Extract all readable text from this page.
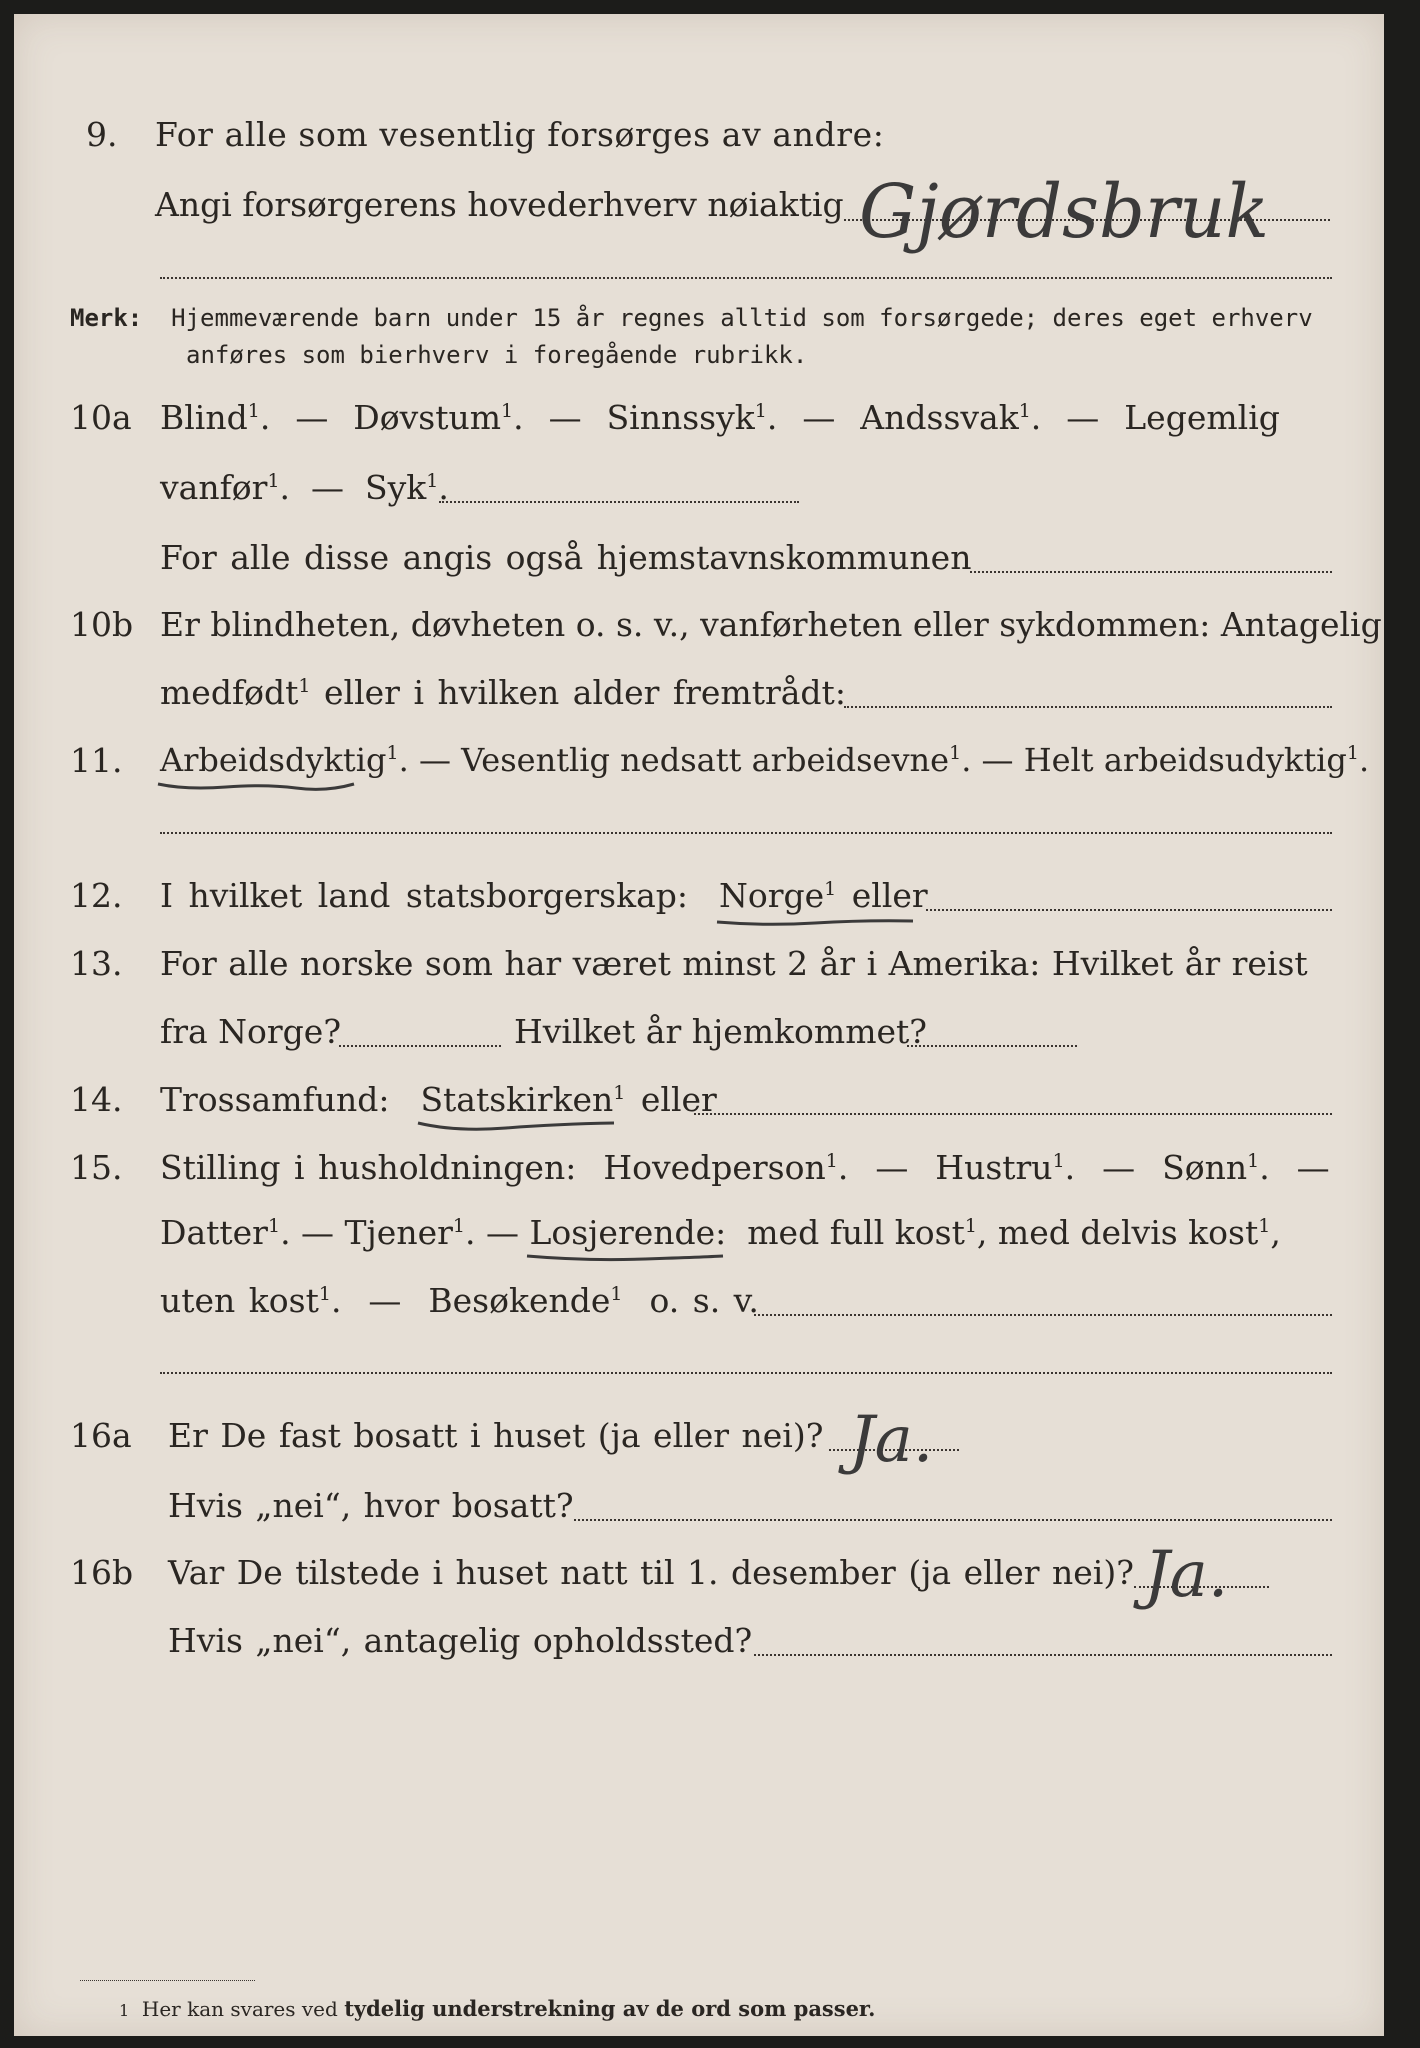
9. For alle som vesentlig forsørges av andre:
Angi forsørgerens hovederhverv nøiaktig Gjørdsbruk
Merk: Hjemmeværende barn under 15 år regnes alltid som forsørgede; deres eget erhverv
anføres som bierhverv i foregående rubrikk.
10a Blind$^1$.  —  Døvstum$^1$.  —  Sinnssyk$^1$.  —  Andssvak$^1$.  —  Legemlig
vanfør$^1$.  —  Syk$^1$.
For alle disse angis også hjemstavnskommunen
10b Er blindheten, døvheten o. s. v., vanførheten eller sykdommen: Antagelig
medfødt$^1$ eller i hvilken alder fremtrådt:
11. Arbeidsdyktig
$^1$. — Vesentlig nedsatt arbeidsevne$^1$. — Helt arbeidsudyktig$^1$.
12. I hvilket land statsborgerskap: Norge
$^1$ eller
13. For alle norske som har været minst 2 år i Amerika: Hvilket år reist
fra Norge?	Hvilket år hjemkommet?
14. Trossamfund: Statskirken
$^1$ eller
15. Stilling i husholdningen: Hovedperson$^1$.  —  Hustru$^1$.  —  Sønn$^1$.  —
Datter$^1$. — Tjener$^1$. — Losjerende: med full kost
$^1$, med delvis kost$^1$,
uten kost$^1$.  —  Besøkende$^1$ o. s. v.
16a Er De fast bosatt i huset (ja eller nei)? Ja.
Hvis „nei“, hvor bosatt?
16b Var De tilstede i huset natt til 1. desember (ja eller nei)? Ja.
Hvis „nei“, antagelig opholdssted?
1 Her kan svares ved tydelig understrekning av de ord som passer.
